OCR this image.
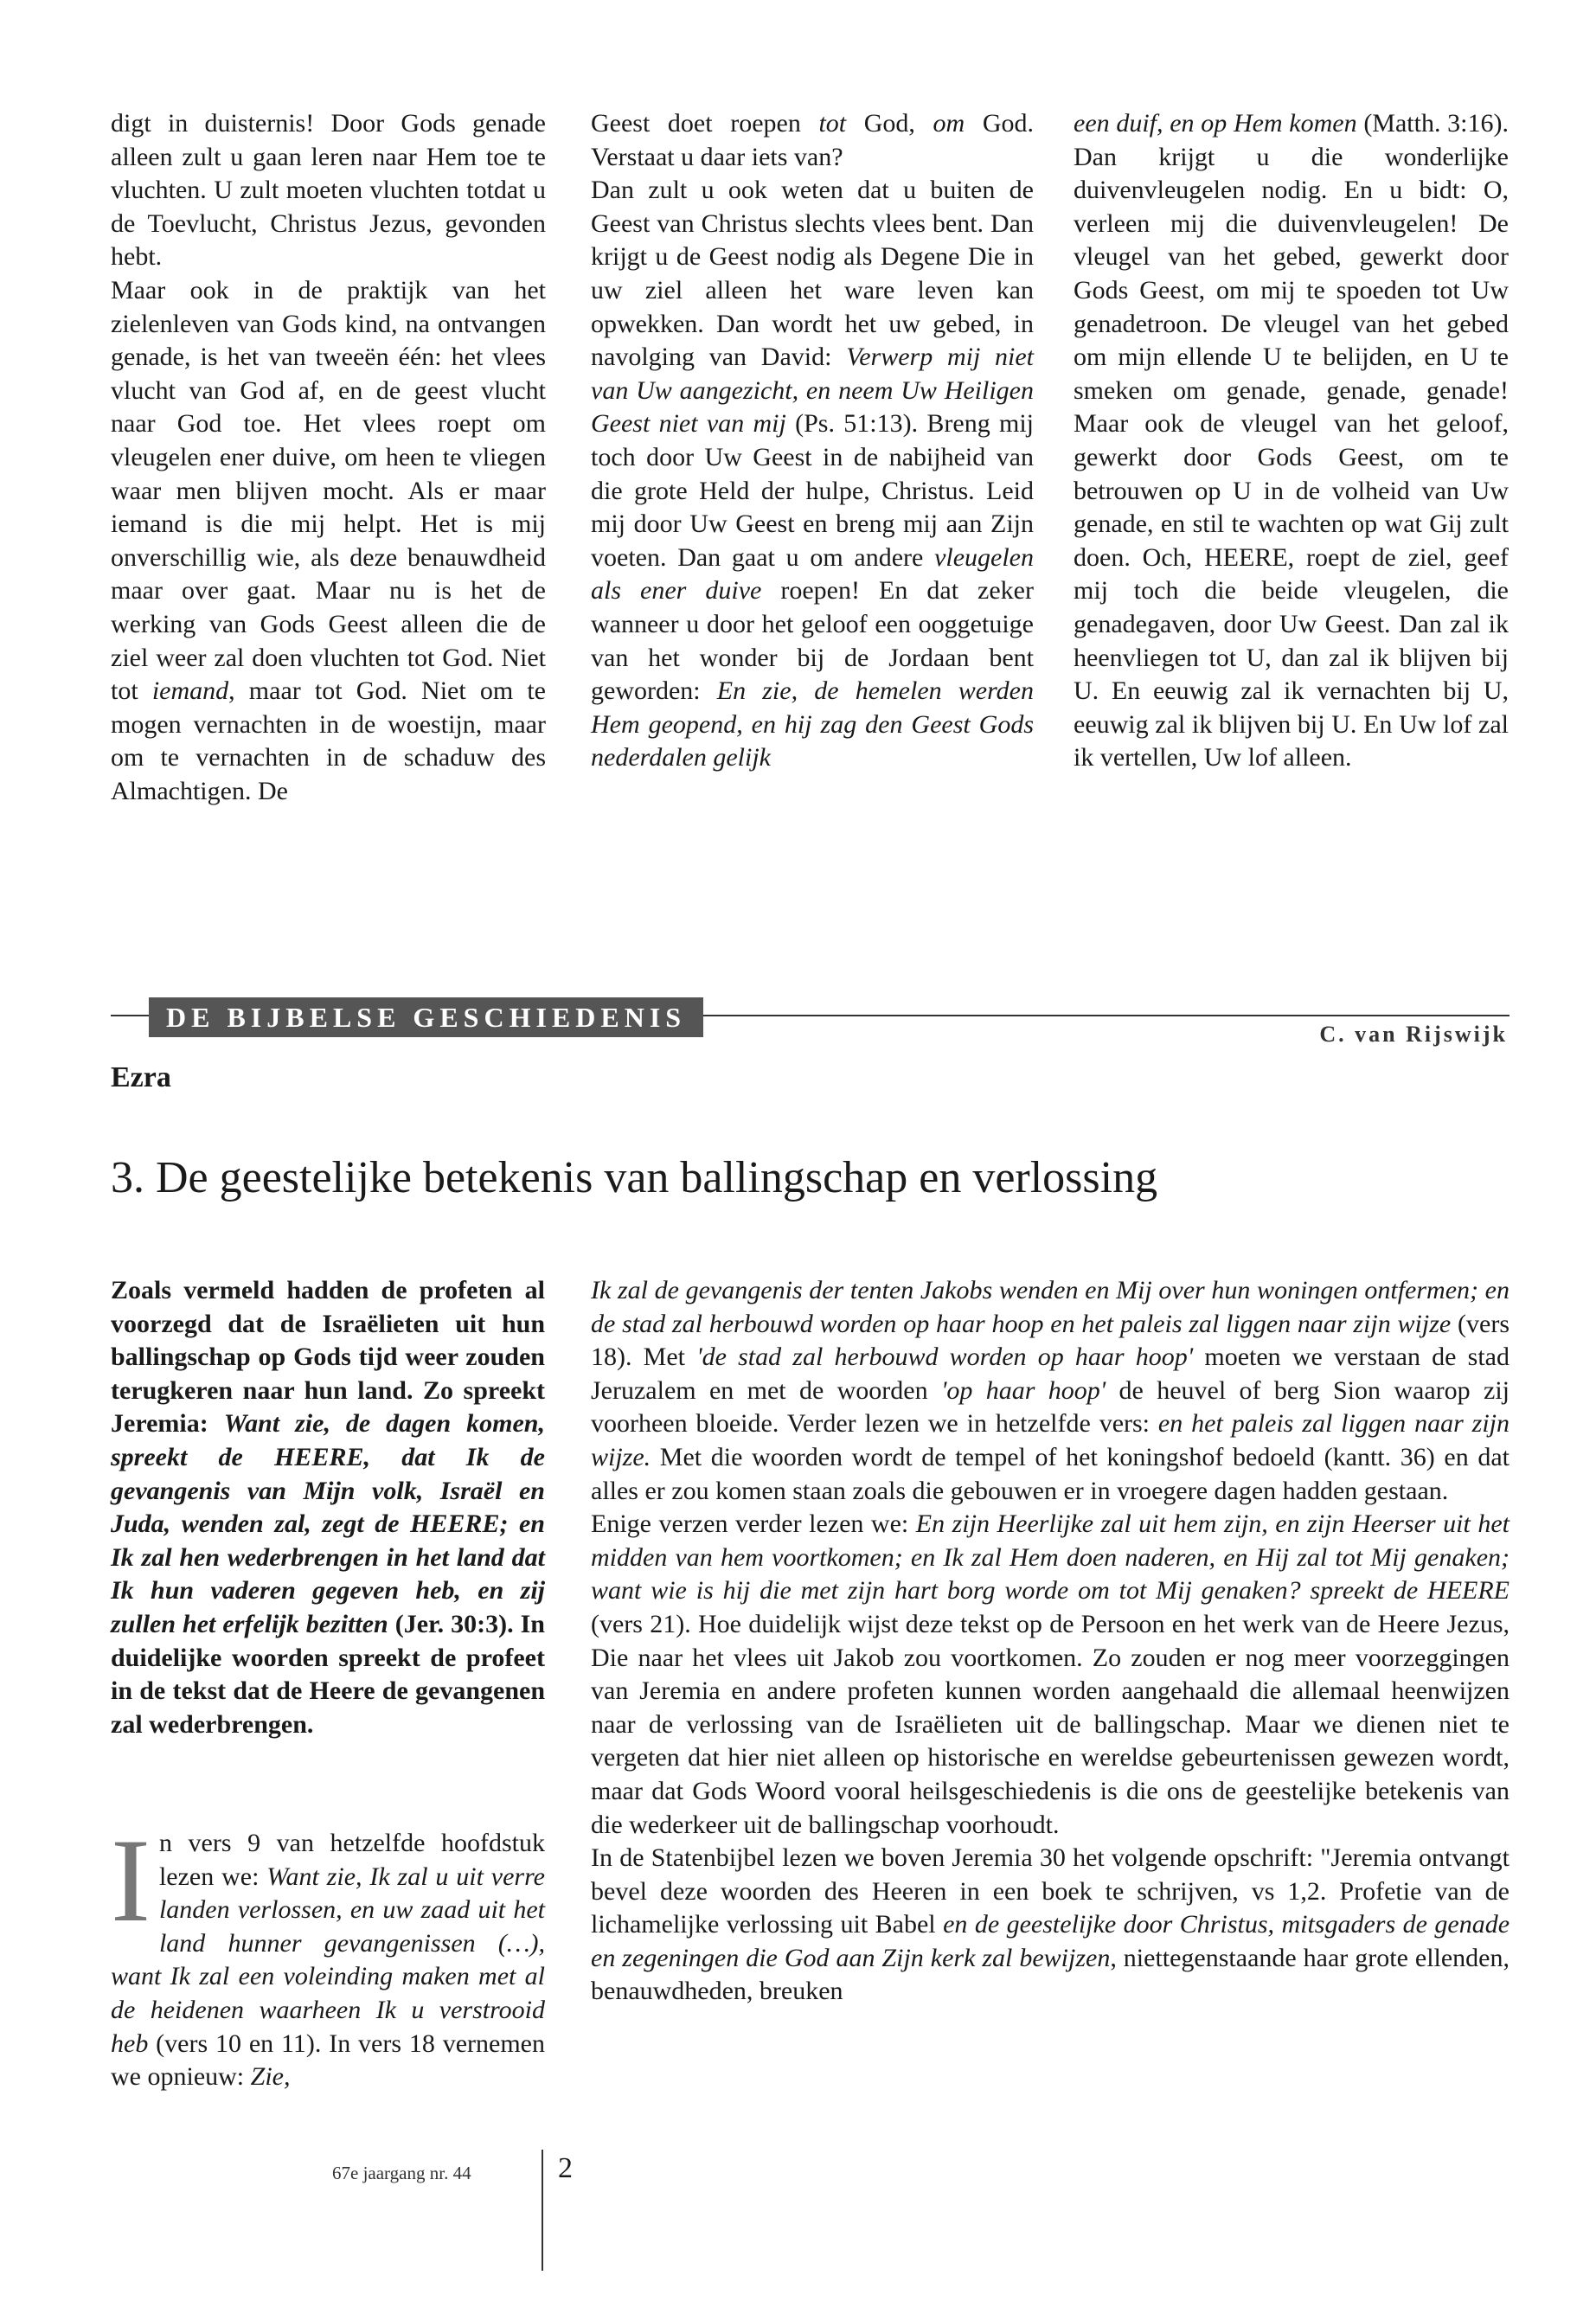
digt in duisternis! Door Gods genade alleen zult u gaan leren naar Hem toe te vluchten. U zult moeten vluchten totdat u de Toevlucht, Christus Jezus, gevonden hebt.

Maar ook in de praktijk van het zielenleven van Gods kind, na ontvangen genade, is het van tweeën één: het vlees vlucht van God af, en de geest vlucht naar God toe. Het vlees roept om vleugelen ener duive, om heen te vliegen waar men blijven mocht. Als er maar iemand is die mij helpt. Het is mij onverschillig wie, als deze benauwdheid maar over gaat. Maar nu is het de werking van Gods Geest alleen die de ziel weer zal doen vluchten tot God. Niet tot iemand, maar tot God. Niet om te mogen vernachten in de woestijn, maar om te vernachten in de schaduw des Almachtigen. De

Geest doet roepen tot God, om God. Verstaat u daar iets van?

Dan zult u ook weten dat u buiten de Geest van Christus slechts vlees bent. Dan krijgt u de Geest nodig als Degene Die in uw ziel alleen het ware leven kan opwekken. Dan wordt het uw gebed, in navolging van David: Verwerp mij niet van Uw aangezicht, en neem Uw Heiligen Geest niet van mij (Ps. 51:13). Breng mij toch door Uw Geest in de nabijheid van die grote Held der hulpe, Christus. Leid mij door Uw Geest en breng mij aan Zijn voeten. Dan gaat u om andere vleugelen als ener duive roepen! En dat zeker wanneer u door het geloof een ooggetuige van het wonder bij de Jordaan bent geworden: En zie, de hemelen werden Hem geopend, en hij zag den Geest Gods nederdalen gelijk

een duif, en op Hem komen (Matth. 3:16). Dan krijgt u die wonderlijke duivenvleugelen nodig. En u bidt: O, verleen mij die duivenvleugelen! De vleugel van het gebed, gewerkt door Gods Geest, om mij te spoeden tot Uw genadetroon. De vleugel van het gebed om mijn ellende U te belijden, en U te smeken om genade, genade, genade! Maar ook de vleugel van het geloof, gewerkt door Gods Geest, om te betrouwen op U in de volheid van Uw genade, en stil te wachten op wat Gij zult doen. Och, HEERE, roept de ziel, geef mij toch die beide vleugelen, die genadegaven, door Uw Geest. Dan zal ik heenvliegen tot U, dan zal ik blijven bij U. En eeuwig zal ik vernachten bij U, eeuwig zal ik blijven bij U. En Uw lof zal ik vertellen, Uw lof alleen.

DE BIJBELSE GESCHIEDENIS
C. van Rijswijk
Ezra
3. De geestelijke betekenis van ballingschap en verlossing
Zoals vermeld hadden de profeten al voorzegd dat de Israëlieten uit hun ballingschap op Gods tijd weer zouden terugkeren naar hun land. Zo spreekt Jeremia: Want zie, de dagen komen, spreekt de HEERE, dat Ik de gevangenis van Mijn volk, Israël en Juda, wenden zal, zegt de HEERE; en Ik zal hen wederbrengen in het land dat Ik hun vaderen gegeven heb, en zij zullen het erfelijk bezitten (Jer. 30:3). In duidelijke woorden spreekt de profeet in de tekst dat de Heere de gevangenen zal wederbrengen.
In vers 9 van hetzelfde hoofdstuk lezen we: Want zie, Ik zal u uit verre landen verlossen, en uw zaad uit het land hunner gevangenissen (…), want Ik zal een voleinding maken met al de heidenen waarheen Ik u verstrooid heb (vers 10 en 11). In vers 18 vernemen we opnieuw: Zie,

Ik zal de gevangenis der tenten Jakobs wenden en Mij over hun woningen ontfermen; en de stad zal herbouwd worden op haar hoop en het paleis zal liggen naar zijn wijze (vers 18). Met 'de stad zal herbouwd worden op haar hoop' moeten we verstaan de stad Jeruzalem en met de woorden 'op haar hoop' de heuvel of berg Sion waarop zij voorheen bloeide. Verder lezen we in hetzelfde vers: en het paleis zal liggen naar zijn wijze. Met die woorden wordt de tempel of het koningshof bedoeld (kantt. 36) en dat alles er zou komen staan zoals die gebouwen er in vroegere dagen hadden gestaan.

Enige verzen verder lezen we: En zijn Heerlijke zal uit hem zijn, en zijn Heerser uit het midden van hem voortkomen; en Ik zal Hem doen naderen, en Hij zal tot Mij genaken; want wie is hij die met zijn hart borg worde om tot Mij genaken? spreekt de HEERE (vers 21). Hoe duidelijk wijst deze tekst op de Persoon en het werk van de Heere Jezus, Die naar het vlees uit Jakob zou voortkomen. Zo zouden er nog meer voorzeggingen van Jeremia en andere profeten kunnen worden aangehaald die allemaal heenwijzen naar de verlossing van de Israëlieten uit de ballingschap. Maar we dienen niet te vergeten dat hier niet alleen op historische en wereldse gebeurtenissen gewezen wordt, maar dat Gods Woord vooral heilsgeschiedenis is die ons de geestelijke betekenis van die wederkeer uit de ballingschap voorhoudt.

In de Statenbijbel lezen we boven Jeremia 30 het volgende opschrift: "Jeremia ontvangt bevel deze woorden des Heeren in een boek te schrijven, vs 1,2. Profetie van de lichamelijke verlossing uit Babel en de geestelijke door Christus, mitsgaders de genade en zegeningen die God aan Zijn kerk zal bewijzen, niettegenstaande haar grote ellenden, benauwdheden, breuken

67e jaargang nr. 44	2
